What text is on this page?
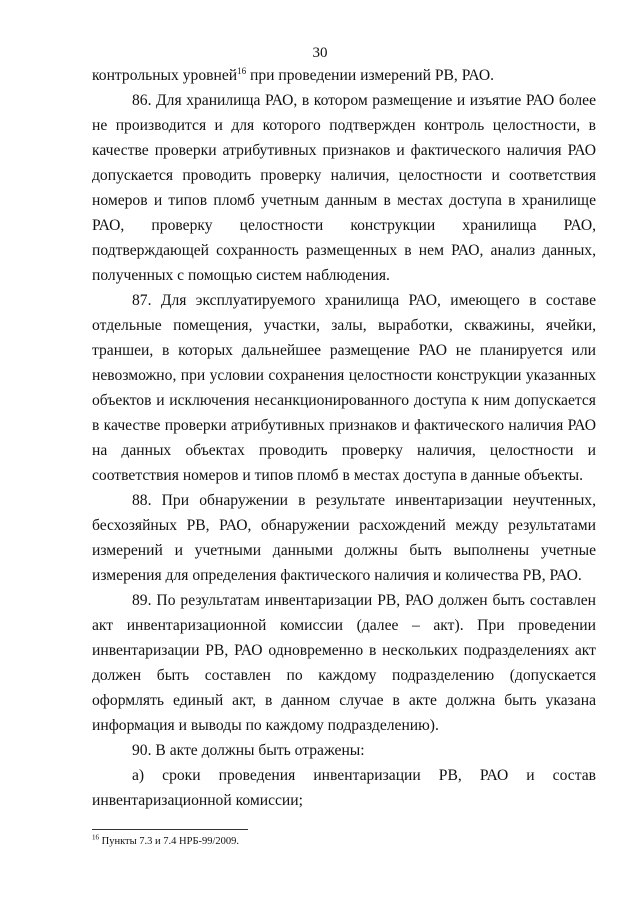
30

контрольных уровней$^{16}$ при проведении измерений РВ, РАО.

86. Для хранилища РАО, в котором размещение и изъятие РАО более не производится и для которого подтвержден контроль целостности, в качестве проверки атрибутивных признаков и фактического наличия РАО допускается проводить проверку наличия, целостности и соответствия номеров и типов пломб учетным данным в местах доступа в хранилище РАО, проверку целостности конструкции хранилища РАО, подтверждающей сохранность размещенных в нем РАО, анализ данных, полученных с помощью систем наблюдения.

87. Для эксплуатируемого хранилища РАО, имеющего в составе отдельные помещения, участки, залы, выработки, скважины, ячейки, траншеи, в которых дальнейшее размещение РАО не планируется или невозможно, при условии сохранения целостности конструкции указанных объектов и исключения несанкционированного доступа к ним допускается в качестве проверки атрибутивных признаков и фактического наличия РАО на данных объектах проводить проверку наличия, целостности и соответствия номеров и типов пломб в местах доступа в данные объекты.

88. При обнаружении в результате инвентаризации неучтенных, бесхозяйных РВ, РАО, обнаружении расхождений между результатами измерений и учетными данными должны быть выполнены учетные измерения для определения фактического наличия и количества РВ, РАО.

89. По результатам инвентаризации РВ, РАО должен быть составлен акт инвентаризационной комиссии (далее – акт). При проведении инвентаризации РВ, РАО одновременно в нескольких подразделениях акт должен быть составлен по каждому подразделению (допускается оформлять единый акт, в данном случае в акте должна быть указана информация и выводы по каждому подразделению).

90. В акте должны быть отражены:

а) сроки проведения инвентаризации РВ, РАО и состав инвентаризационной комиссии;

$^{16}$ Пункты 7.3 и 7.4 НРБ-99/2009.
